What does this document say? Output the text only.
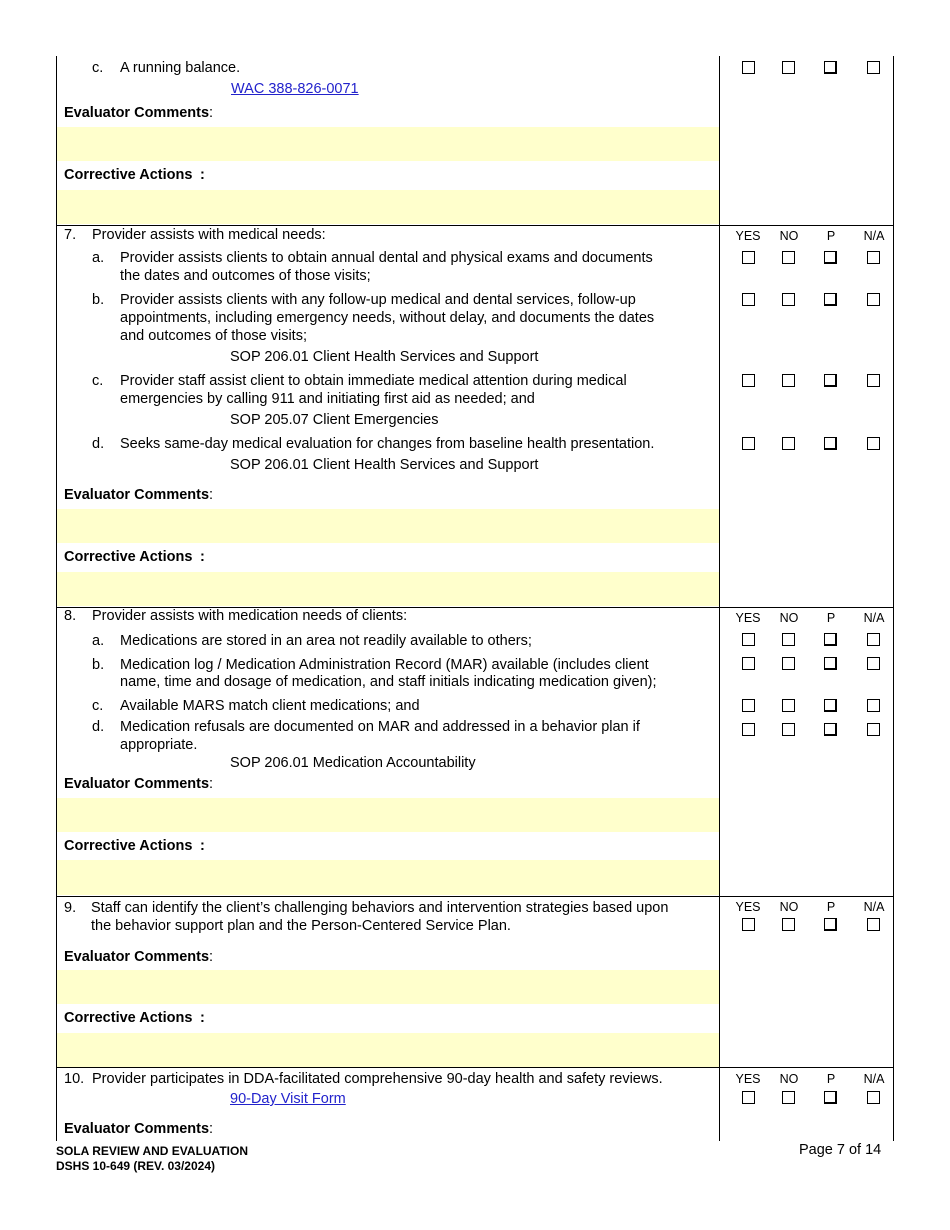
c. A running balance.
WAC 388-826-0071
Evaluator Comments:
Corrective Actions :
7. Provider assists with medical needs:	YES	NO	P	N/A
a. Provider assists clients to obtain annual dental and physical exams and documents
the dates and outcomes of those visits;
b. Provider assists clients with any follow-up medical and dental services, follow-up
appointments, including emergency needs, without delay, and documents the dates
and outcomes of those visits;
SOP 206.01 Client Health Services and Support
c. Provider staff assist client to obtain immediate medical attention during medical
emergencies by calling 911 and initiating first aid as needed; and
SOP 205.07 Client Emergencies
d. Seeks same-day medical evaluation for changes from baseline health presentation.
SOP 206.01 Client Health Services and Support
Evaluator Comments:
Corrective Actions :
8. Provider assists with medication needs of clients:	YES	NO	P	N/A
a. Medications are stored in an area not readily available to others;
b. Medication log / Medication Administration Record (MAR) available (includes client
name, time and dosage of medication, and staff initials indicating medication given);
c. Available MARS match client medications; and
d. Medication refusals are documented on MAR and addressed in a behavior plan if
appropriate.
SOP 206.01 Medication Accountability
Evaluator Comments:
Corrective Actions :
9. Staff can identify the client’s challenging behaviors and intervention strategies based upon
the behavior support plan and the Person-Centered Service Plan.
YES	NO	P	N/A
Evaluator Comments:
Corrective Actions :
10. Provider participates in DDA-facilitated comprehensive 90-day health and safety reviews.
90-Day Visit Form
YES	NO	P	N/A
Evaluator Comments:
SOLA REVIEW AND EVALUATION
DSHS 10-649 (REV. 03/2024)
Page 7 of 14
